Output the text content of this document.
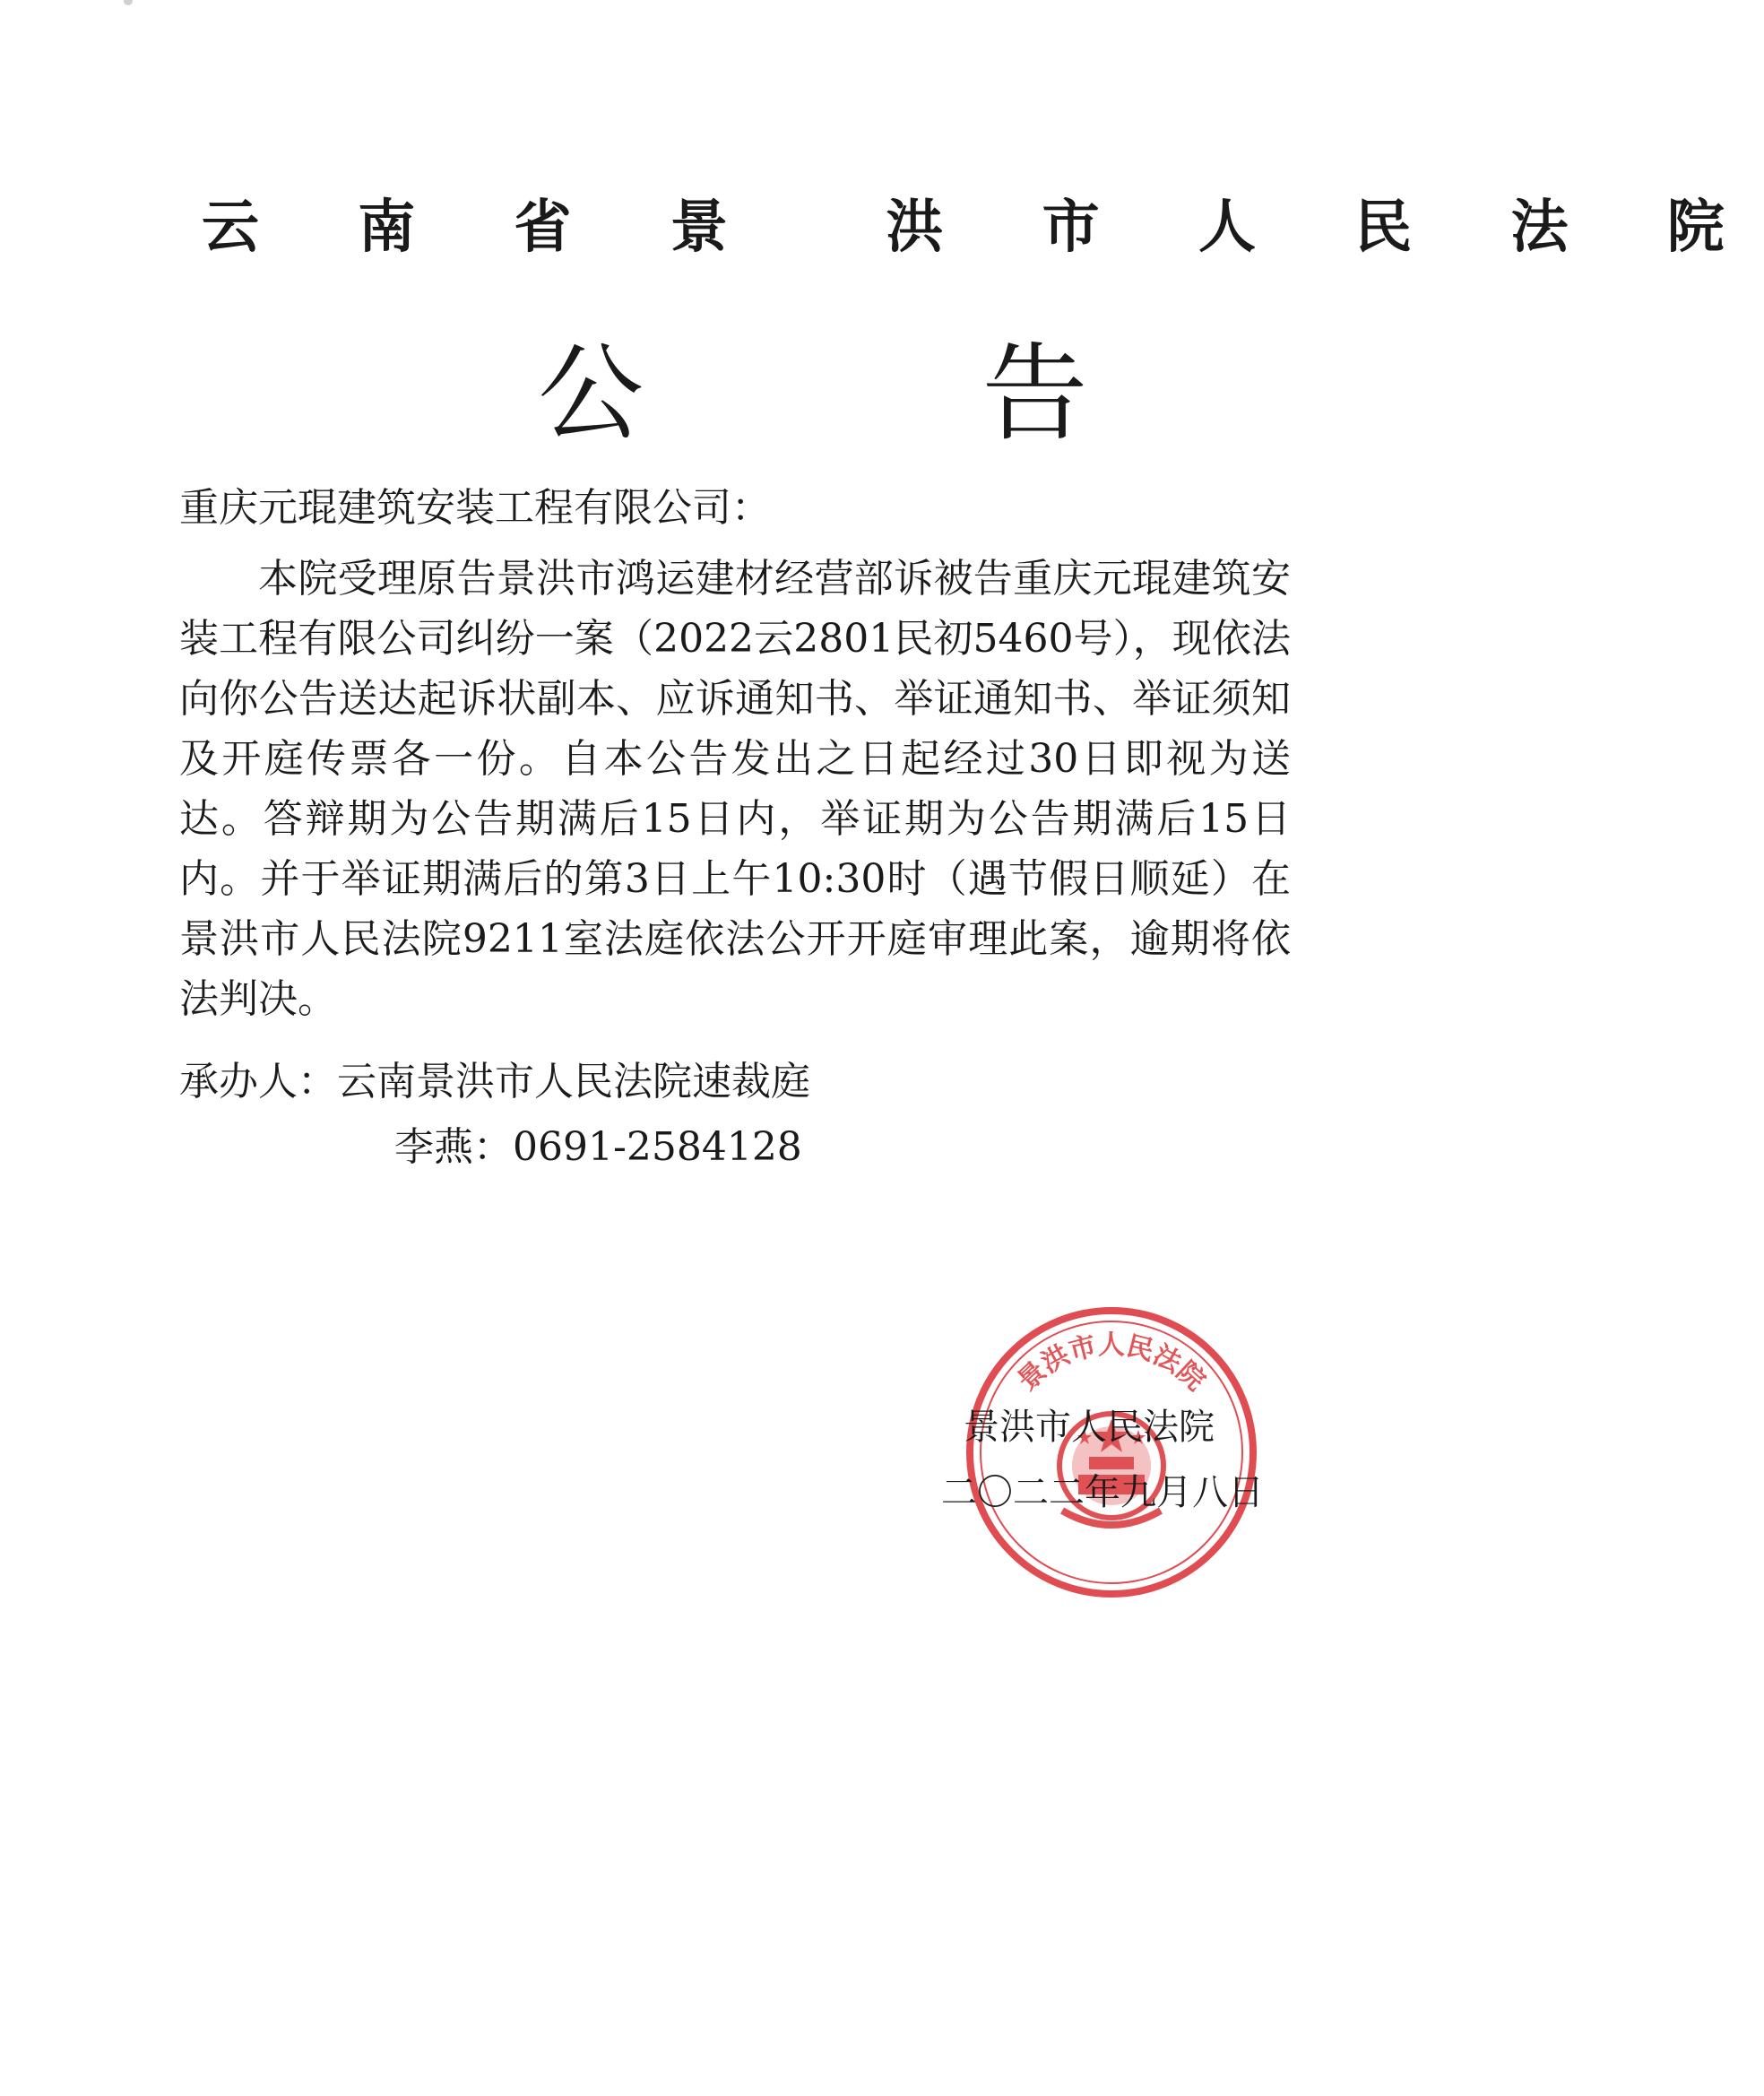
云 南 省 景  洪 市 人 民 法 院
公 告
重庆元琨建筑安装工程有限公司：
本院受理原告景洪市鸿运建材经营部诉被告重庆元琨建筑安装工程有限公司纠纷一案（2022云2801民初5460号），现依法向你公告送达起诉状副本、应诉通知书、举证通知书、举证须知及开庭传票各一份。自本公告发出之日起经过30日即视为送达。答辩期为公告期满后15日内，举证期为公告期满后15日内。并于举证期满后的第3日上午10:30时（遇节假日顺延）在景洪市人民法院9211室法庭依法公开开庭审理此案，逾期将依法判决。
承办人：云南景洪市人民法院速裁庭
李燕：0691-2584128
景洪市人民法院
景洪市人民法院
二〇二二年九月八日
